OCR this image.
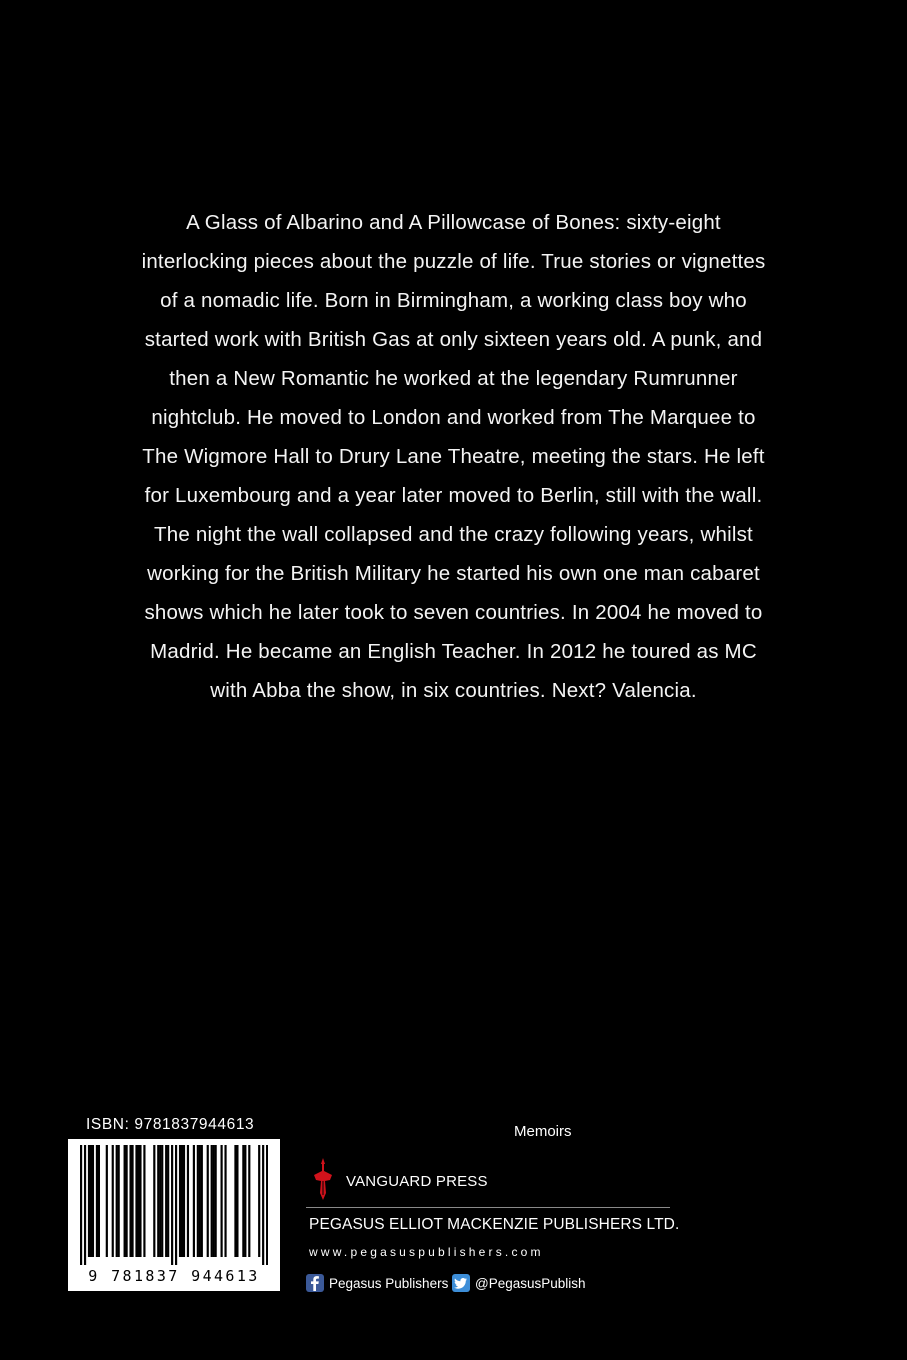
A Glass of Albarino and A Pillowcase of Bones: sixty-eight interlocking pieces about the puzzle of life. True stories or vignettes of a nomadic life. Born in Birmingham, a working class boy who started work with British Gas at only sixteen years old. A punk, and then a New Romantic he worked at the legendary Rumrunner nightclub. He moved to London and worked from The Marquee to The Wigmore Hall to Drury Lane Theatre, meeting the stars. He left for Luxembourg and a year later moved to Berlin, still with the wall. The night the wall collapsed and the crazy following years, whilst working for the British Military he started his own one man cabaret shows which he later took to seven countries. In 2004 he moved to Madrid. He became an English Teacher. In 2012 he toured as MC with Abba the show, in six countries. Next? Valencia.

ISBN: 9781837944613
9 781837 944613
Memoirs
VANGUARD PRESS
PEGASUS ELLIOT MACKENZIE PUBLISHERS LTD.
www.pegasuspublishers.com
Pegasus Publishers @PegasusPublish
